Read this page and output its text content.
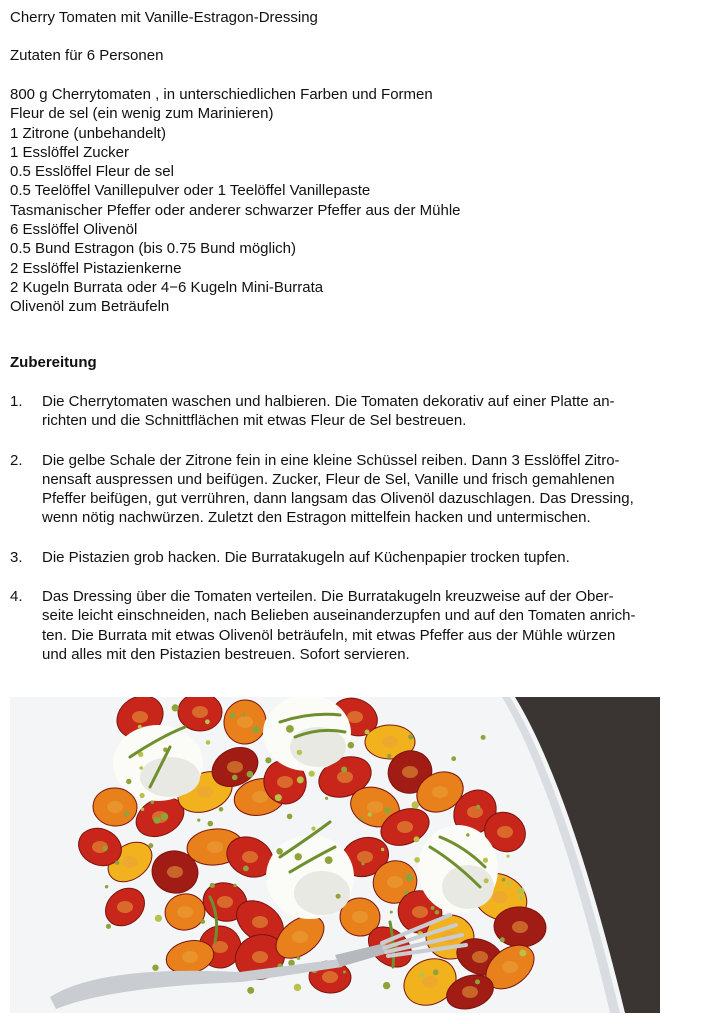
Cherry Tomaten mit Vanille-Estragon-Dressing
Zutaten für 6 Personen
800 g Cherrytomaten , in unterschiedlichen Farben und Formen
Fleur de sel (ein wenig zum Marinieren)
1 Zitrone (unbehandelt)
1 Esslöffel Zucker
0.5 Esslöffel Fleur de sel
0.5 Teelöffel Vanillepulver oder 1 Teelöffel Vanillepaste
Tasmanischer Pfeffer oder anderer schwarzer Pfeffer aus der Mühle
6 Esslöffel Olivenöl
0.5 Bund Estragon (bis 0.75 Bund möglich)
2 Esslöffel Pistazienkerne
2 Kugeln Burrata oder 4−6 Kugeln Mini-Burrata
Olivenöl zum Beträufeln
Zubereitung
1. Die Cherrytomaten waschen und halbieren. Die Tomaten dekorativ auf einer Platte an-
richten und die Schnittflächen mit etwas Fleur de Sel bestreuen.
2. Die gelbe Schale der Zitrone fein in eine kleine Schüssel reiben. Dann 3 Esslöffel Zitro-
nensaft auspressen und beifügen. Zucker, Fleur de Sel, Vanille und frisch gemahlenen
Pfeffer beifügen, gut verrühren, dann langsam das Olivenöl dazuschlagen. Das Dressing,
wenn nötig nachwürzen. Zuletzt den Estragon mittelfein hacken und untermischen.
3. Die Pistazien grob hacken. Die Burratakugeln auf Küchenpapier trocken tupfen.
4. Das Dressing über die Tomaten verteilen. Die Burratakugeln kreuzweise auf der Ober-
seite leicht einschneiden, nach Belieben auseinanderzupfen und auf den Tomaten anrich-
ten. Die Burrata mit etwas Olivenöl beträufeln, mit etwas Pfeffer aus der Mühle würzen
und alles mit den Pistazien bestreuen. Sofort servieren.
